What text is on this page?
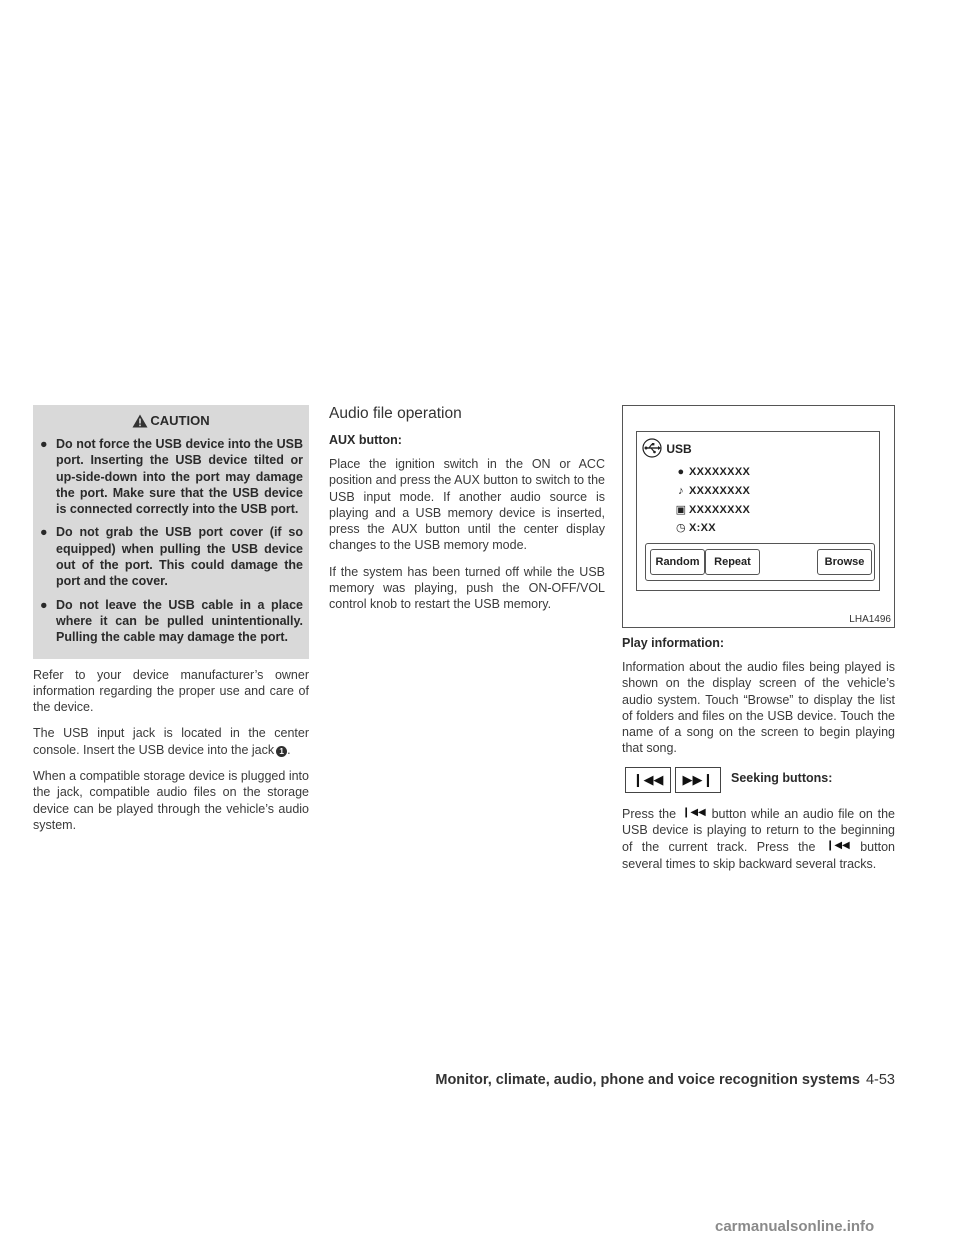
CAUTION
● Do not force the USB device into the USB port. Inserting the USB device tilted or up-side-down into the port may damage the port. Make sure that the USB device is connected correctly into the USB port.
● Do not grab the USB port cover (if so equipped) when pulling the USB device out of the port. This could damage the port and the cover.
● Do not leave the USB cable in a place where it can be pulled unintentionally. Pulling the cable may damage the port.

Refer to your device manufacturer’s owner information regarding the proper use and care of the device.

The USB input jack is located in the center console. Insert the USB device into the jack 1 .

When a compatible storage device is plugged into the jack, compatible audio files on the storage device can be played through the vehicle’s audio system.

Audio file operation
AUX button:

Place the ignition switch in the ON or ACC position and press the AUX button to switch to the USB input mode. If another audio source is playing and a USB memory device is inserted, press the AUX button until the center display changes to the USB memory mode.

If the system has been turned off while the USB memory was playing, push the ON-OFF/VOL control knob to restart the USB memory.

USB
● XXXXXXXX
♪ XXXXXXXX
▣ XXXXXXXX
◷ X:XX
Random	Repeat	Browse
LHA1496
Play information:

Information about the audio files being played is shown on the display screen of the vehicle’s audio system. Touch “Browse” to display the list of folders and files on the USB device. Touch the name of a song on the screen to begin playing that song.

❙◀◀	▶▶❙	Seeking buttons:

Press the ❙◀◀ button while an audio file on the USB device is playing to return to the beginning of the current track. Press the ❙◀◀ button several times to skip backward several tracks.

Monitor, climate, audio, phone and voice recognition systems 4-53
carmanualsonline.info
